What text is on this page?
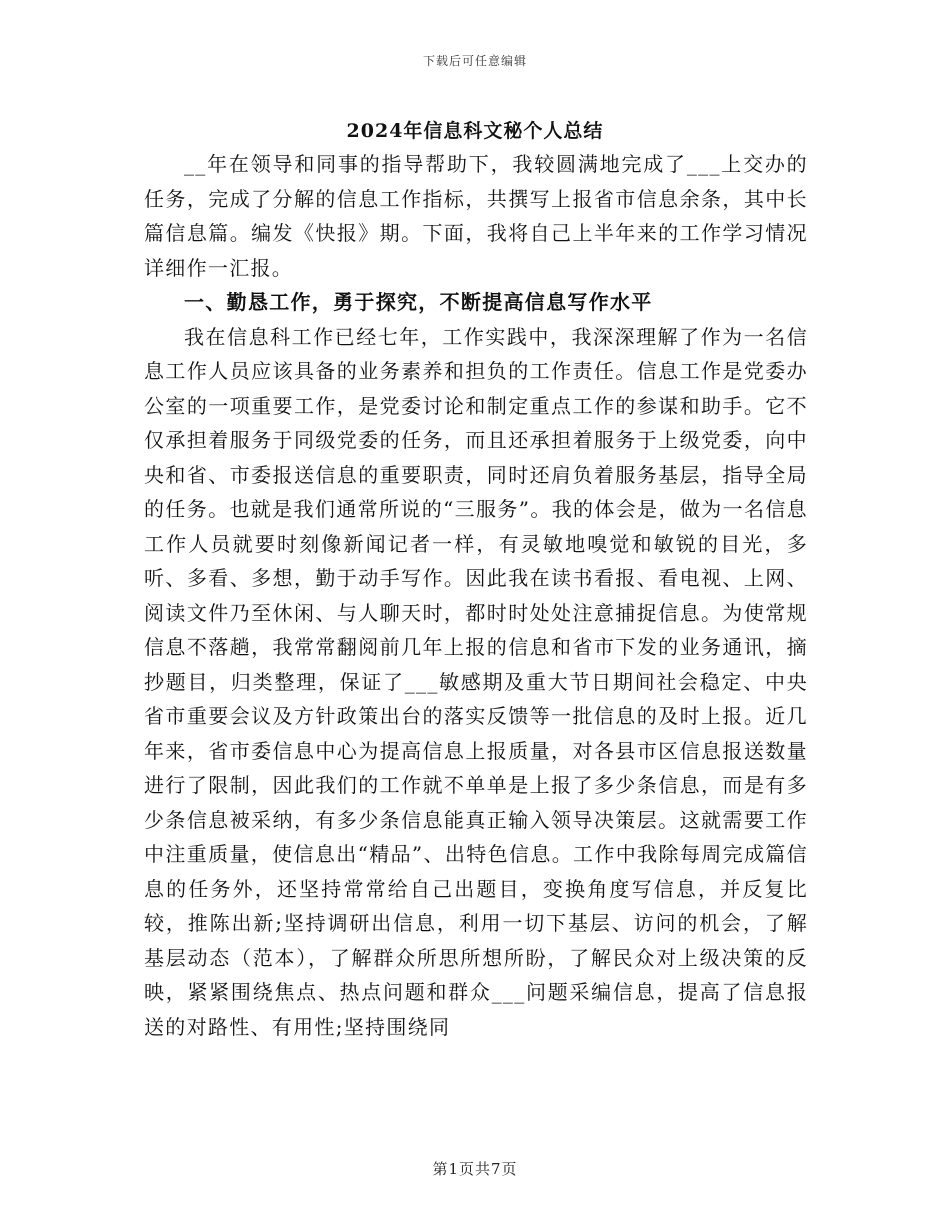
下载后可任意编辑
2024年信息科文秘个人总结

__年在领导和同事的指导帮助下，我较圆满地完成了___上交办的任务，完成了分解的信息工作指标，共撰写上报省市信息余条，其中长篇信息篇。编发《快报》期。下面，我将自己上半年来的工作学习情况详细作一汇报。

一、勤恳工作，勇于探究，不断提高信息写作水平

我在信息科工作已经七年，工作实践中，我深深理解了作为一名信息工作人员应该具备的业务素养和担负的工作责任。信息工作是党委办公室的一项重要工作，是党委讨论和制定重点工作的参谋和助手。它不仅承担着服务于同级党委的任务，而且还承担着服务于上级党委，向中央和省、市委报送信息的重要职责，同时还肩负着服务基层，指导全局的任务。也就是我们通常所说的“三服务”。我的体会是，做为一名信息工作人员就要时刻像新闻记者一样，有灵敏地嗅觉和敏锐的目光，多听、多看、多想，勤于动手写作。因此我在读书看报、看电视、上网、阅读文件乃至休闲、与人聊天时，都时时处处注意捕捉信息。为使常规信息不落趟，我常常翻阅前几年上报的信息和省市下发的业务通讯，摘抄题目，归类整理，保证了___敏感期及重大节日期间社会稳定、中央省市重要会议及方针政策出台的落实反馈等一批信息的及时上报。近几年来，省市委信息中心为提高信息上报质量，对各县市区信息报送数量进行了限制，因此我们的工作就不单单是上报了多少条信息，而是有多少条信息被采纳，有多少条信息能真正输入领导决策层。这就需要工作中注重质量，使信息出“精品”、出特色信息。工作中我除每周完成篇信息的任务外，还坚持常常给自己出题目，变换角度写信息，并反复比较，推陈出新;坚持调研出信息，利用一切下基层、访问的机会，了解基层动态（范本），了解群众所思所想所盼，了解民众对上级决策的反映，紧紧围绕焦点、热点问题和群众___问题采编信息，提高了信息报送的对路性、有用性;坚持围绕同

第1页共7页
